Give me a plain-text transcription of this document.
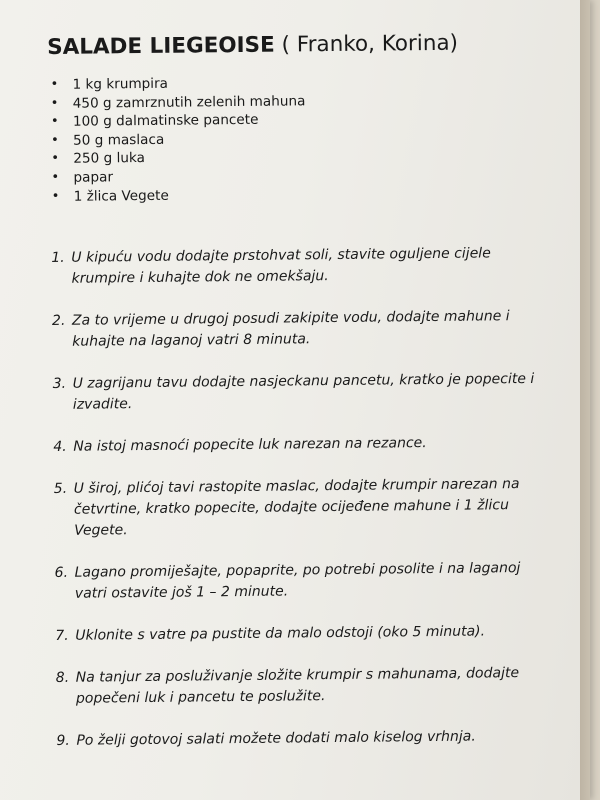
SALADE LIEGEOISE ( Franko, Korina)
• 1 kg krumpira
• 450 g zamrznutih zelenih mahuna
• 100 g dalmatinske pancete
• 50 g maslaca
• 250 g luka
• papar
• 1 žlica Vegete
1. U kipuću vodu dodajte prstohvat soli, stavite oguljene cijele krumpire i kuhajte dok ne omekšaju.
2. Za to vrijeme u drugoj posudi zakipite vodu, dodajte mahune i kuhajte na laganoj vatri 8 minuta.
3. U zagrijanu tavu dodajte nasjeckanu pancetu, kratko je popecite i izvadite.
4. Na istoj masnoći popecite luk narezan na rezance.
5. U široj, plićoj tavi rastopite maslac, dodajte krumpir narezan na četvrtine, kratko popecite, dodajte ocijeđene mahune i 1 žlicu Vegete.
6. Lagano promiješajte, popaprite, po potrebi posolite i na laganoj vatri ostavite još 1 – 2 minute.
7. Uklonite s vatre pa pustite da malo odstoji (oko 5 minuta).
8. Na tanjur za posluživanje složite krumpir s mahunama, dodajte popečeni luk i pancetu te poslužite.
9. Po želji gotovoj salati možete dodati malo kiselog vrhnja.
